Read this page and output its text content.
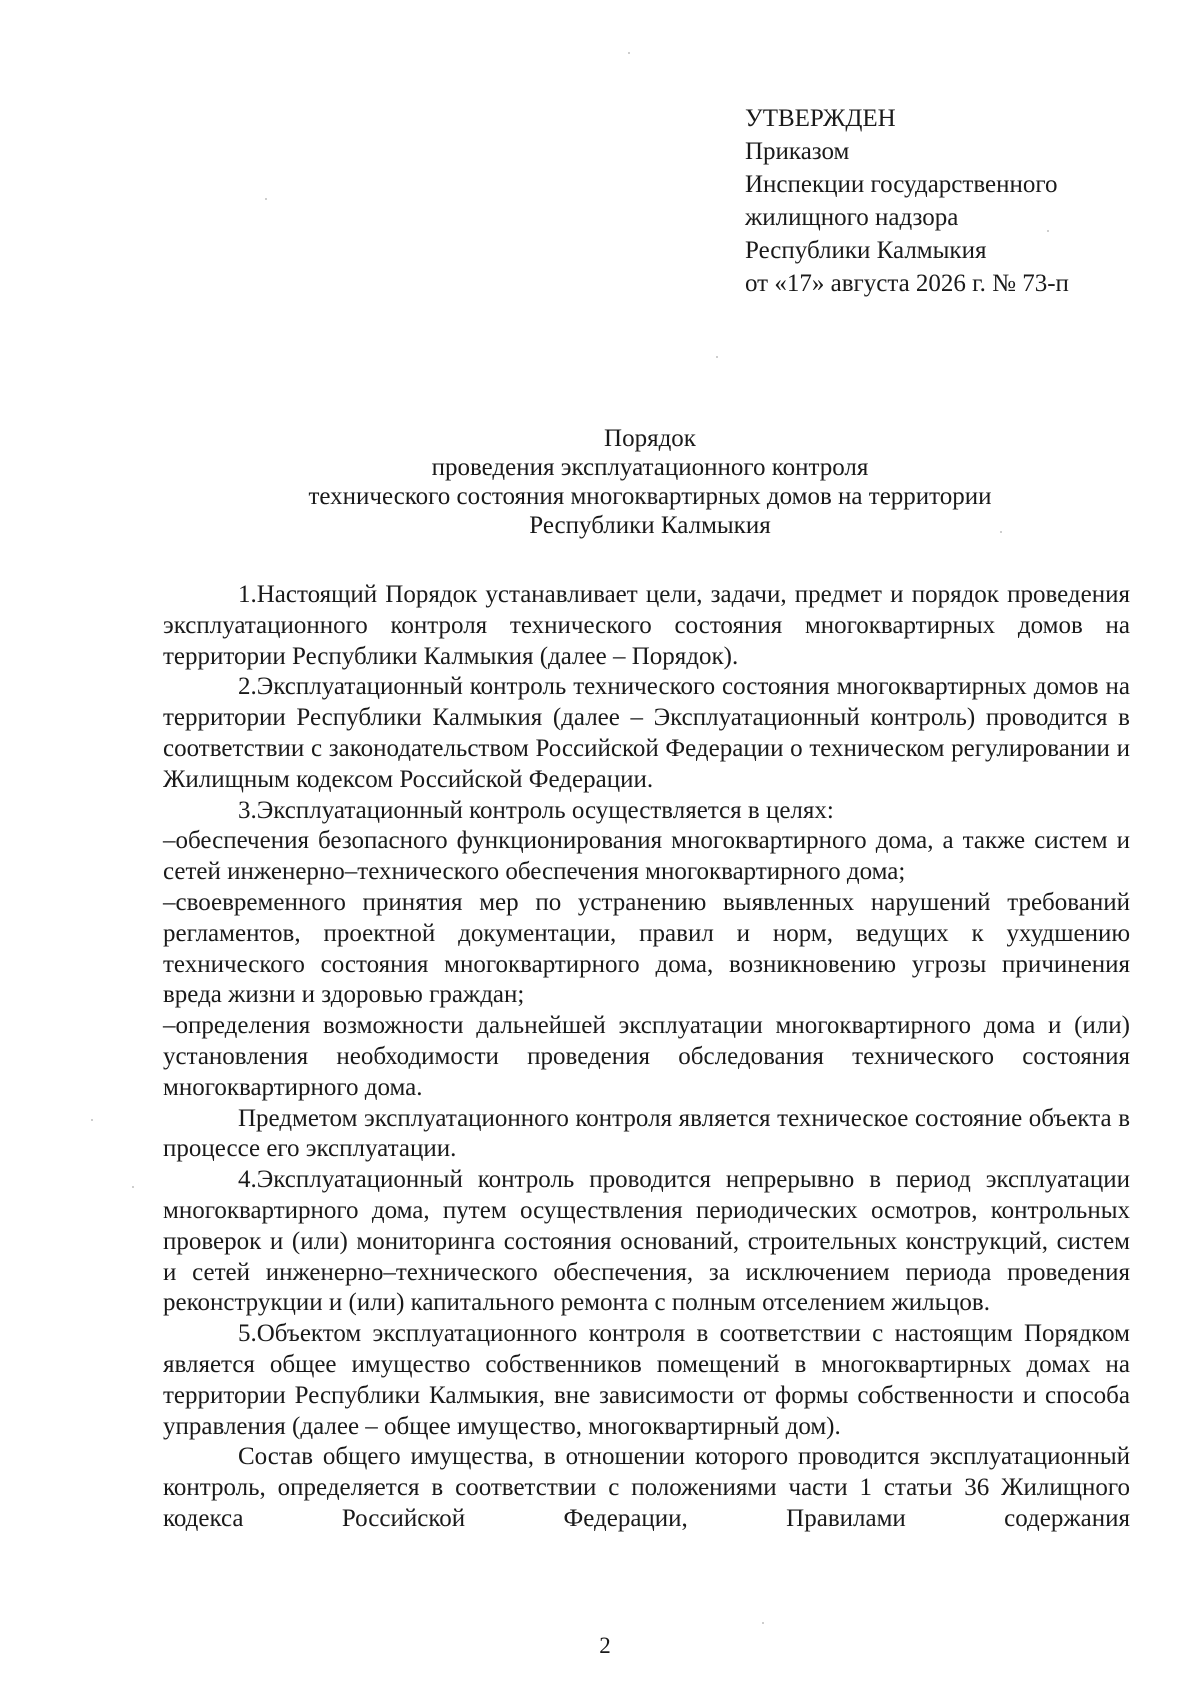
УТВЕРЖДЕН
Приказом
Инспекции государственного
жилищного надзора
Республики Калмыкия
от «17» августа 2026 г. № 73-п
Порядок
проведения эксплуатационного контроля
технического состояния многоквартирных домов на территории
Республики Калмыкия

1.Настоящий Порядок устанавливает цели, задачи, предмет и порядок проведения эксплуатационного контроля технического состояния многоквартирных домов на территории Республики Калмыкия (далее – Порядок).

2.Эксплуатационный контроль технического состояния многоквартирных домов на территории Республики Калмыкия (далее – Эксплуатационный контроль) проводится в соответствии с законодательством Российской Федерации о техническом регулировании и Жилищным кодексом Российской Федерации.

3.Эксплуатационный контроль осуществляется в целях:

–обеспечения безопасного функционирования многоквартирного дома, а также систем и сетей инженерно–технического обеспечения многоквартирного дома;

–своевременного принятия мер по устранению выявленных нарушений требований регламентов, проектной документации, правил и норм, ведущих к ухудшению технического состояния многоквартирного дома, возникновению угрозы причинения вреда жизни и здоровью граждан;

–определения возможности дальнейшей эксплуатации многоквартирного дома и (или) установления необходимости проведения обследования технического состояния многоквартирного дома.

Предметом эксплуатационного контроля является техническое состояние объекта в процессе его эксплуатации.

4.Эксплуатационный контроль проводится непрерывно в период эксплуатации многоквартирного дома, путем осуществления периодических осмотров, контрольных проверок и (или) мониторинга состояния оснований, строительных конструкций, систем и сетей инженерно–технического обеспечения, за исключением периода проведения реконструкции и (или) капитального ремонта с полным отселением жильцов.

5.Объектом эксплуатационного контроля в соответствии с настоящим Порядком является общее имущество собственников помещений в многоквартирных домах на территории Республики Калмыкия, вне зависимости от формы собственности и способа управления (далее – общее имущество, многоквартирный дом).

Состав общего имущества, в отношении которого проводится эксплуатационный контроль, определяется в соответствии с положениями части 1 статьи 36 Жилищного кодекса Российской Федерации, Правилами содержания

2
